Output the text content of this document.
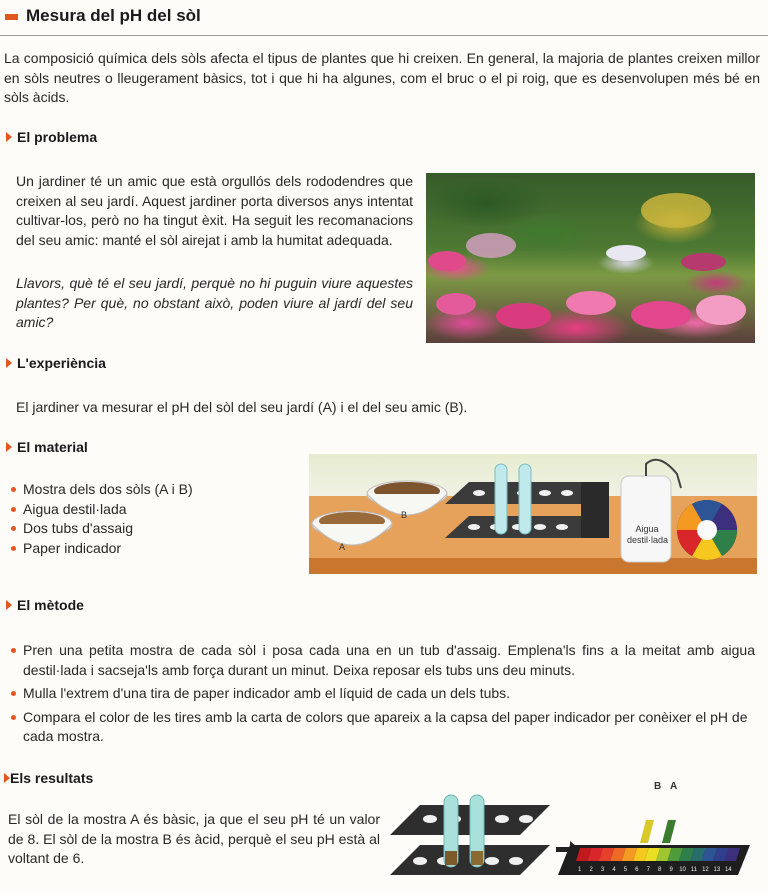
Mesura del pH del sòl
La composició química dels sòls afecta el tipus de plantes que hi creixen. En general, la majoria de plantes creixen millor en sòls neutres o lleugerament bàsics, tot i que hi ha algunes, com el bruc o el pi roig, que es desenvolupen més bé en sòls àcids.
El problema
Un jardiner té un amic que està orgullós dels rododendres que creixen al seu jardí. Aquest jardiner porta diversos anys intentat cultivar-los, però no ha tingut èxit. Ha seguit les recomanacions del seu amic: manté el sòl airejat i amb la humitat adequada.
Llavors, què té el seu jardí, perquè no hi puguin viure aquestes plantes? Per què, no obstant això, poden viure al jardí del seu amic?
L'experiència
El jardiner va mesurar el pH del sòl del seu jardí (A) i el del seu amic (B).
El material
Mostra dels dos sòls (A i B)
Aigua destil·lada
Dos tubs d'assaig
Paper indicador	A
B
Aigua destil·lada
El mètode
Pren una petita mostra de cada sòl i posa cada una en un tub d'assaig. Emplena'ls fins a la meitat amb aigua destil·lada i sacseja'ls amb força durant un minut. Deixa reposar els tubs uns deu minuts.
Mulla l'extrem d'una tira de paper indicador amb el líquid de cada un dels tubs.
Compara el color de les tires amb la carta de colors que apareix a la capsa del paper indicador per conèixer el pH de cada mostra.
Els resultats
El sòl de la mostra A és bàsic, ja que el seu pH té un valor de 8. El sòl de la mostra B és àcid, perquè el seu pH està al voltant de 6.
B A
1 2 3 4 5 6 7 8 9 10 11 12 13 14
